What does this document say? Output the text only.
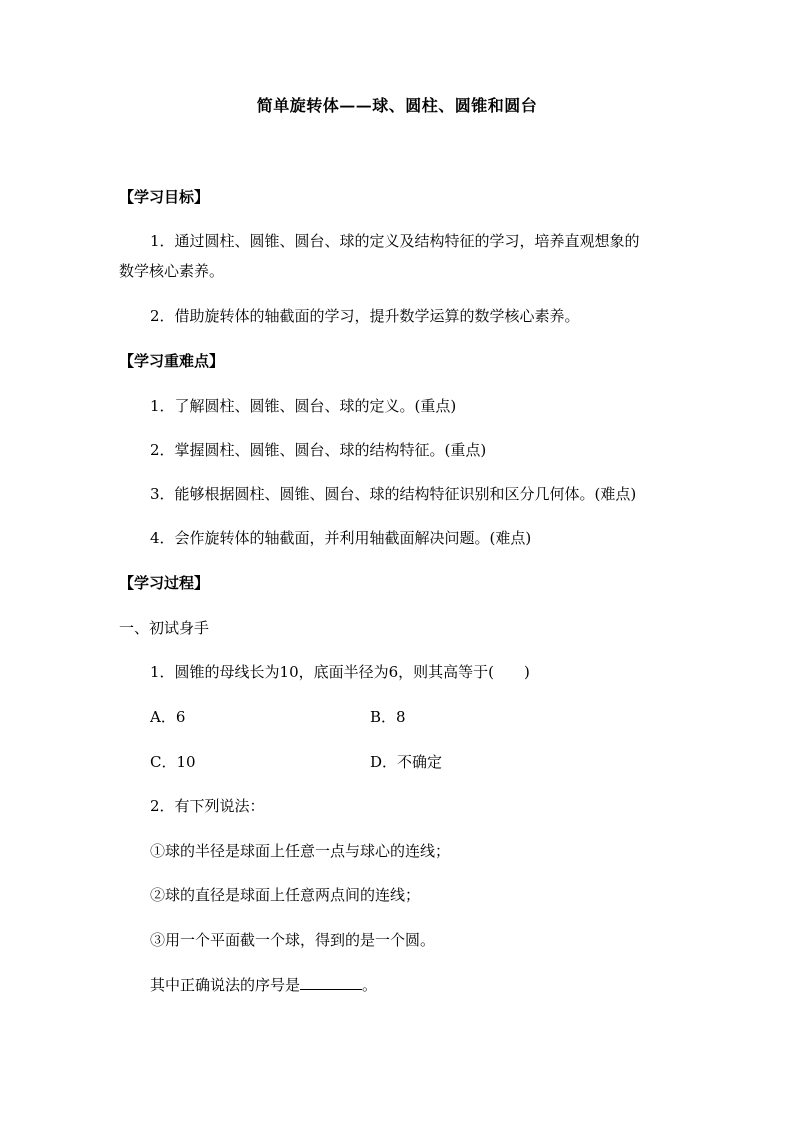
简单旋转体——球、圆柱、圆锥和圆台
【学习目标】
1．通过圆柱、圆锥、圆台、球的定义及结构特征的学习，培养直观想象的
数学核心素养。
2．借助旋转体的轴截面的学习，提升数学运算的数学核心素养。
【学习重难点】
1．了解圆柱、圆锥、圆台、球的定义。(重点)
2．掌握圆柱、圆锥、圆台、球的结构特征。(重点)
3．能够根据圆柱、圆锥、圆台、球的结构特征识别和区分几何体。(难点)
4．会作旋转体的轴截面，并利用轴截面解决问题。(难点)
【学习过程】
一、初试身手
1．圆锥的母线长为10，底面半径为6，则其高等于(　　)
A．6	B．8
C．10	D．不确定
2．有下列说法：
①球的半径是球面上任意一点与球心的连线；
②球的直径是球面上任意两点间的连线；
③用一个平面截一个球，得到的是一个圆。
其中正确说法的序号是	。
